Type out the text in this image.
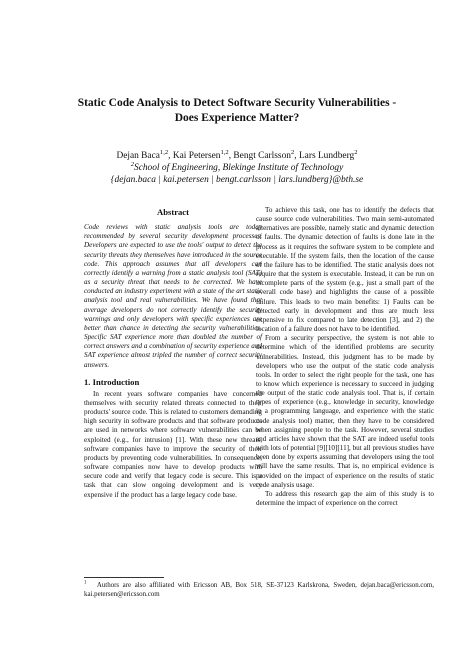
Static Code Analysis to Detect Software Security Vulnerabilities -
Does Experience Matter?
Dejan Baca$^{1,2}$, Kai Petersen$^{1,2}$, Bengt Carlsson$^2$, Lars Lundberg$^2$
$^2$School of Engineering, Blekinge Institute of Technology
{dejan.baca | kai.petersen | bengt.carlsson | lars.lundberg}@bth.se
Abstract

Code reviews with static analysis tools are today recommended by several security development processes. Developers are expected to use the tools' output to detect the security threats they themselves have introduced in the source code. This approach assumes that all developers can correctly identify a warning from a static analysis tool (SAT) as a security threat that needs to be corrected. We have conducted an industry experiment with a state of the art static analysis tool and real vulnerabilities. We have found that average developers do not correctly identify the security warnings and only developers with specific experiences are better than chance in detecting the security vulnerabilities. Specific SAT experience more than doubled the number of correct answers and a combination of security experience and SAT experience almost tripled the number of correct security answers.

1. Introduction

In recent years software companies have concerned themselves with security related threats connected to their products' source code. This is related to customers demanding high security in software products and that software products are used in networks where software vulnerabilities can be exploited (e.g., for intrusion) [1]. With these new threats, software companies have to improve the security of their products by preventing code vulnerabilities. In consequence, software companies now have to develop products with secure code and verify that legacy code is secure. This is a task that can slow ongoing development and is very expensive if the product has a large legacy code base.

To achieve this task, one has to identify the defects that cause source code vulnerabilities. Two main semi-automated alternatives are possible, namely static and dynamic detection of faults. The dynamic detection of faults is done late in the process as it requires the software system to be complete and executable. If the system fails, then the location of the cause of the failure has to be identified. The static analysis does not require that the system is executable. Instead, it can be run on incomplete parts of the system (e.g., just a small part of the overall code base) and highlights the cause of a possible failure. This leads to two main benefits: 1) Faults can be detected early in development and thus are much less expensive to fix compared to late detection [3], and 2) the location of a failure does not have to be identified.

From a security perspective, the system is not able to determine which of the identified problems are security vulnerabilities. Instead, this judgment has to be made by developers who use the output of the static code analysis tools. In order to select the right people for the task, one has to know which experience is necessary to succeed in judging the output of the static code analysis tool. That is, if certain types of experience (e.g., knowledge in security, knowledge in a programming language, and experience with the static code analysis tool) matter, then they have to be considered when assigning people to the task. However, several studies and articles have shown that the SAT are indeed useful tools with lots of potential [9][10][11], but all previous studies have been done by experts assuming that developers using the tool will have the same results. That is, no empirical evidence is provided on the impact of experience on the results of static code analysis usage.

To address this research gap the aim of this study is to determine the impact of experience on the correct

$^1$   Authors are also affiliated with Ericsson AB, Box 518, SE-37123 Karlskrona, Sweden, dejan.baca@ericsson.com, kai.petersen@ericsson.com
